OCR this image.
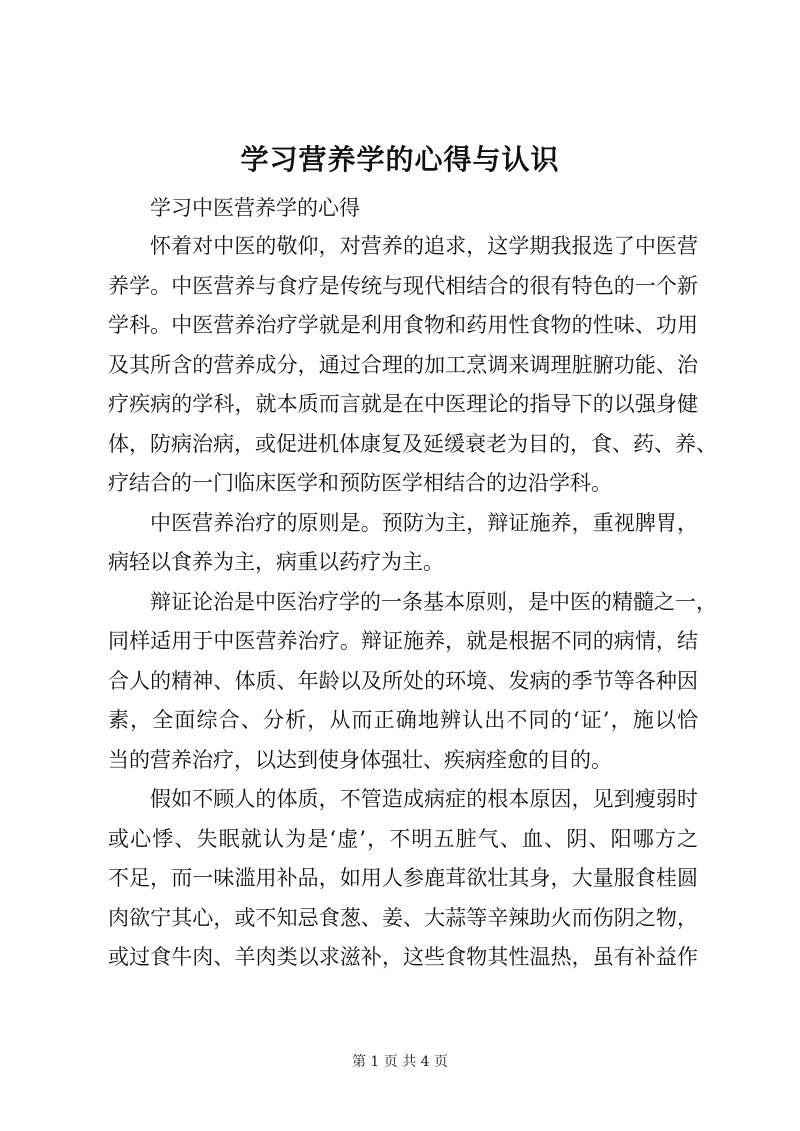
学习营养学的心得与认识
学习中医营养学的心得
怀着对中医的敬仰，对营养的追求，这学期我报选了中医营
养学。中医营养与食疗是传统与现代相结合的很有特色的一个新
学科。中医营养治疗学就是利用食物和药用性食物的性味、功用
及其所含的营养成分，通过合理的加工烹调来调理脏腑功能、治
疗疾病的学科，就本质而言就是在中医理论的指导下的以强身健
体，防病治病，或促进机体康复及延缓衰老为目的，食、药、养、
疗结合的一门临床医学和预防医学相结合的边沿学科。
中医营养治疗的原则是。预防为主，辩证施养，重视脾胃，
病轻以食养为主，病重以药疗为主。
辩证论治是中医治疗学的一条基本原则，是中医的精髓之一，
同样适用于中医营养治疗。辩证施养，就是根据不同的病情，结
合人的精神、体质、年龄以及所处的环境、发病的季节等各种因
素，全面综合、分析，从而正确地辨认出不同的‘证’，施以恰
当的营养治疗，以达到使身体强壮、疾病痊愈的目的。
假如不顾人的体质，不管造成病症的根本原因，见到瘦弱时
或心悸、失眠就认为是‘虚’，不明五脏气、血、阴、阳哪方之
不足，而一味滥用补品，如用人参鹿茸欲壮其身，大量服食桂圆
肉欲宁其心，或不知忌食葱、姜、大蒜等辛辣助火而伤阴之物，
或过食牛肉、羊肉类以求滋补，这些食物其性温热，虽有补益作
第 1 页 共 4 页
